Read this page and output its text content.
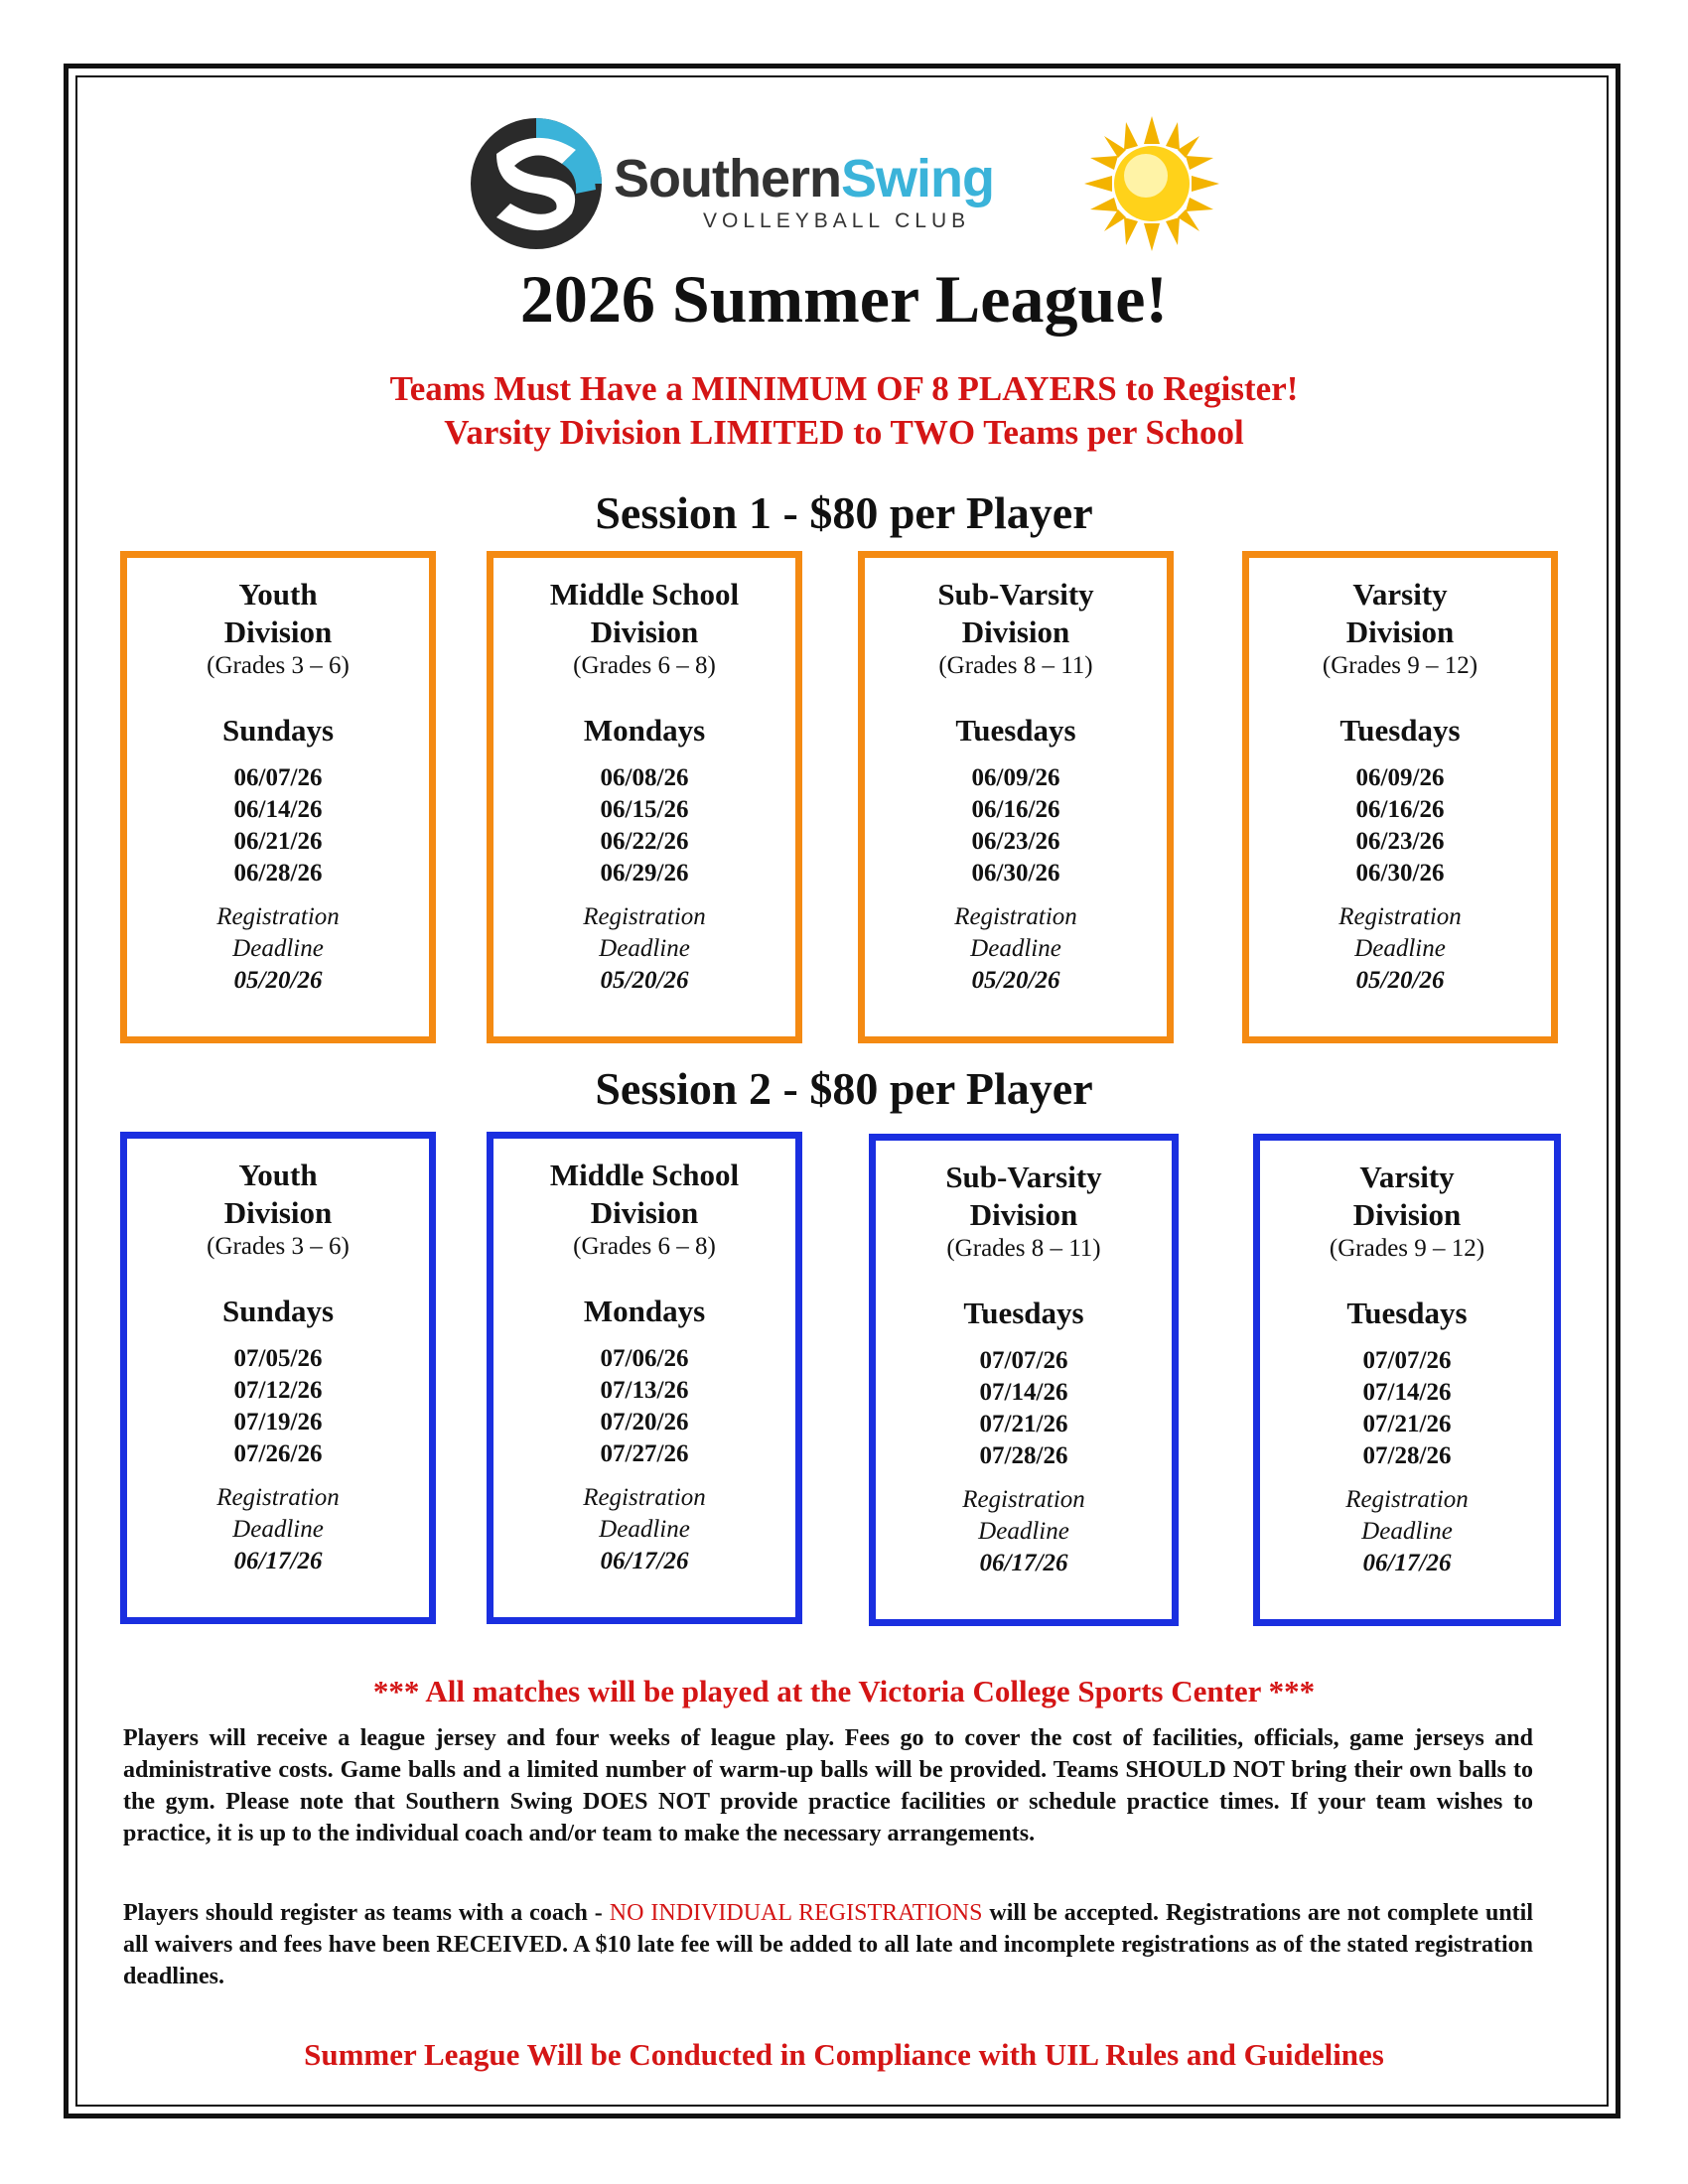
SouthernSwing
VOLLEYBALL CLUB
2026 Summer League!
Teams Must Have a MINIMUM OF 8 PLAYERS to Register!
Varsity Division LIMITED to TWO Teams per School
Session 1 - $80 per Player
Session 2 - $80 per Player
Youth
Division
(Grades 3 – 6)
Sundays
06/07/26
06/14/26
06/21/26
06/28/26
Registration
Deadline
05/20/26
Middle School
Division
(Grades 6 – 8)
Mondays
06/08/26
06/15/26
06/22/26
06/29/26
Registration
Deadline
05/20/26
Sub-Varsity
Division
(Grades 8 – 11)
Tuesdays
06/09/26
06/16/26
06/23/26
06/30/26
Registration
Deadline
05/20/26
Varsity
Division
(Grades 9 – 12)
Tuesdays
06/09/26
06/16/26
06/23/26
06/30/26
Registration
Deadline
05/20/26
Youth
Division
(Grades 3 – 6)
Sundays
07/05/26
07/12/26
07/19/26
07/26/26
Registration
Deadline
06/17/26
Middle School
Division
(Grades 6 – 8)
Mondays
07/06/26
07/13/26
07/20/26
07/27/26
Registration
Deadline
06/17/26
Sub-Varsity
Division
(Grades 8 – 11)
Tuesdays
07/07/26
07/14/26
07/21/26
07/28/26
Registration
Deadline
06/17/26
Varsity
Division
(Grades 9 – 12)
Tuesdays
07/07/26
07/14/26
07/21/26
07/28/26
Registration
Deadline
06/17/26
*** All matches will be played at the Victoria College Sports Center ***
Players will receive a league jersey and four weeks of league play. Fees go to cover the cost of facilities, officials, game jerseys and administrative costs. Game balls and a limited number of warm-up balls will be provided. Teams SHOULD NOT bring their own balls to the gym. Please note that Southern Swing DOES NOT provide practice facilities or schedule practice times. If your team wishes to practice, it is up to the individual coach and/or team to make the necessary arrangements.
Players should register as teams with a coach - NO INDIVIDUAL REGISTRATIONS will be accepted. Registrations are not complete until all waivers and fees have been RECEIVED. A $10 late fee will be added to all late and incomplete registrations as of the stated registration deadlines.
Summer League Will be Conducted in Compliance with UIL Rules and Guidelines
